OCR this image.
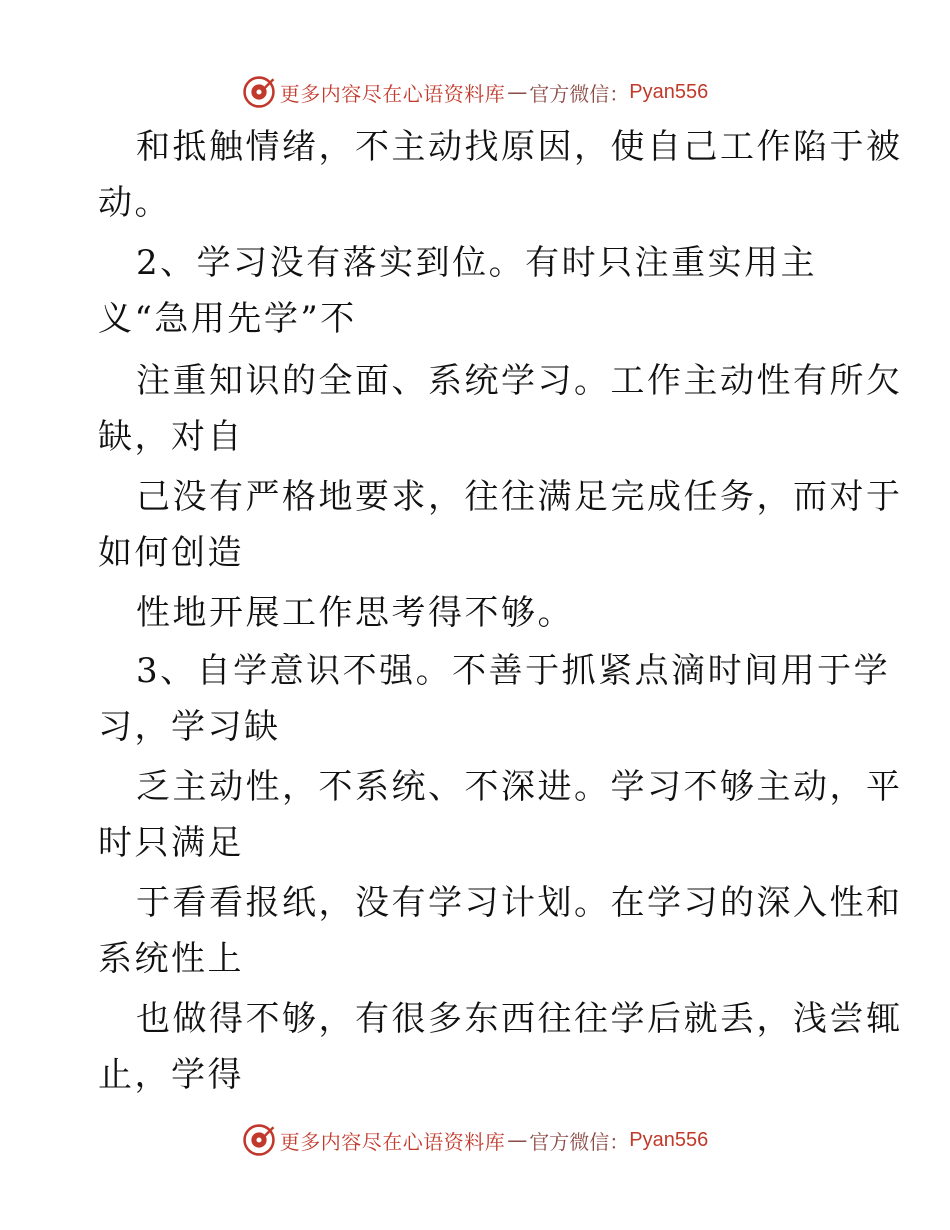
更多内容尽在心语资料库 — 官方微信： Pyan556
和抵触情绪，不主动找原因，使自己工作陷于被
动。
2、学习没有落实到位。有时只注重实用主
义“急用先学”不
注重知识的全面、系统学习。工作主动性有所欠
缺，对自
己没有严格地要求，往往满足完成任务，而对于
如何创造
性地开展工作思考得不够。
3、自学意识不强。不善于抓紧点滴时间用于学
习，学习缺
乏主动性，不系统、不深进。学习不够主动，平
时只满足
于看看报纸，没有学习计划。在学习的深入性和
系统性上
也做得不够，有很多东西往往学后就丢，浅尝辄
止，学得
更多内容尽在心语资料库 — 官方微信： Pyan556
